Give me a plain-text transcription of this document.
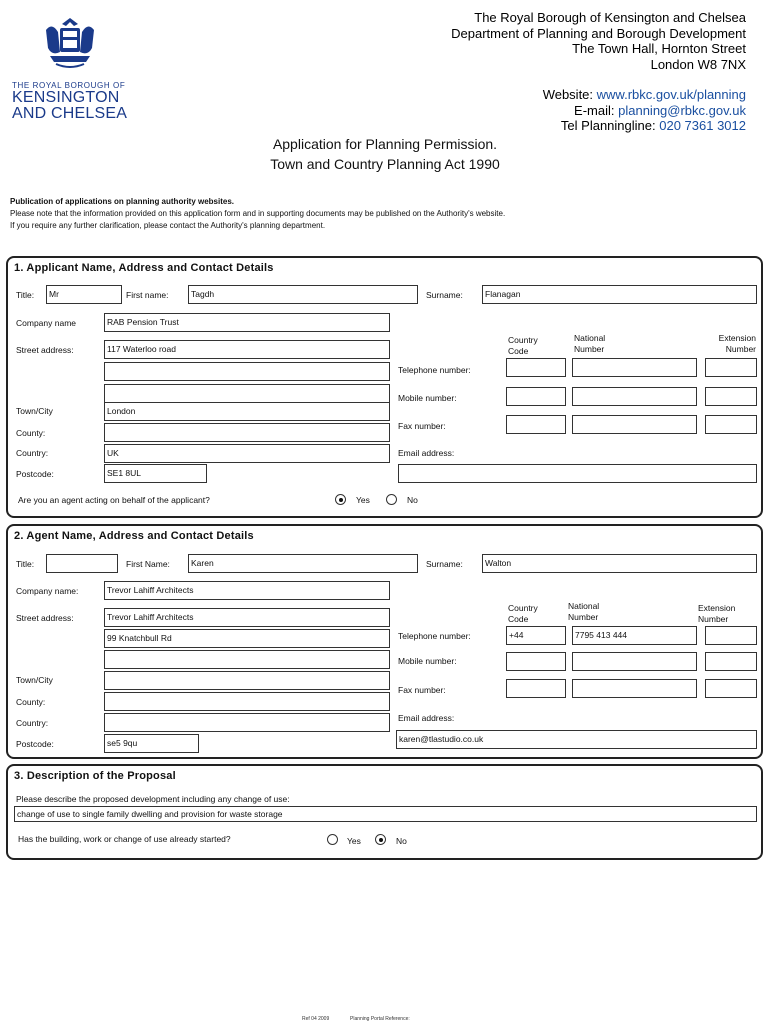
THE ROYAL BOROUGH OF
KENSINGTON
AND CHELSEA
The Royal Borough of Kensington and Chelsea
Department of Planning and Borough Development
The Town Hall, Hornton Street
London W8 7NX
Website: www.rbkc.gov.uk/planning
E-mail: planning@rbkc.gov.uk
Tel Planningline: 020 7361 3012
Application for Planning Permission.
Town and Country Planning Act 1990
Publication of applications on planning authority websites.
Please note that the information provided on this application form and in supporting documents may be published on the Authority's website.
If you require any further clarification, please contact the Authority's planning department.
1. Applicant Name, Address and Contact Details
Title:	Mr	First name:	Tagdh	Surname:	Flanagan
Company name	RAB Pension Trust
Street address:	117 Waterloo road
Town/City	London
County:
Country:	UK
Postcode:	SE1 8UL
Country Code
National Number
Extension Number
Telephone number:
Mobile number:
Fax number:
Email address:
Are you an agent acting on behalf of the applicant?	Yes	No
2. Agent Name, Address and Contact Details
Title:	First Name:	Karen	Surname:	Walton
Company name:	Trevor Lahiff Architects
Street address:	Trevor Lahiff Architects
99 Knatchbull Rd
Town/City
County:
Country:
Postcode:	se5 9qu
Country Code
National Number
Extension Number
Telephone number:	+44	7795 413 444
Mobile number:
Fax number:
Email address:
karen@tlastudio.co.uk
3. Description of the Proposal
Please describe the proposed development including any change of use:
change of use to single family dwelling and provision for waste storage
Has the building, work or change of use already started?	Yes	No
Ref 04 2009	Planning Portal Reference:
